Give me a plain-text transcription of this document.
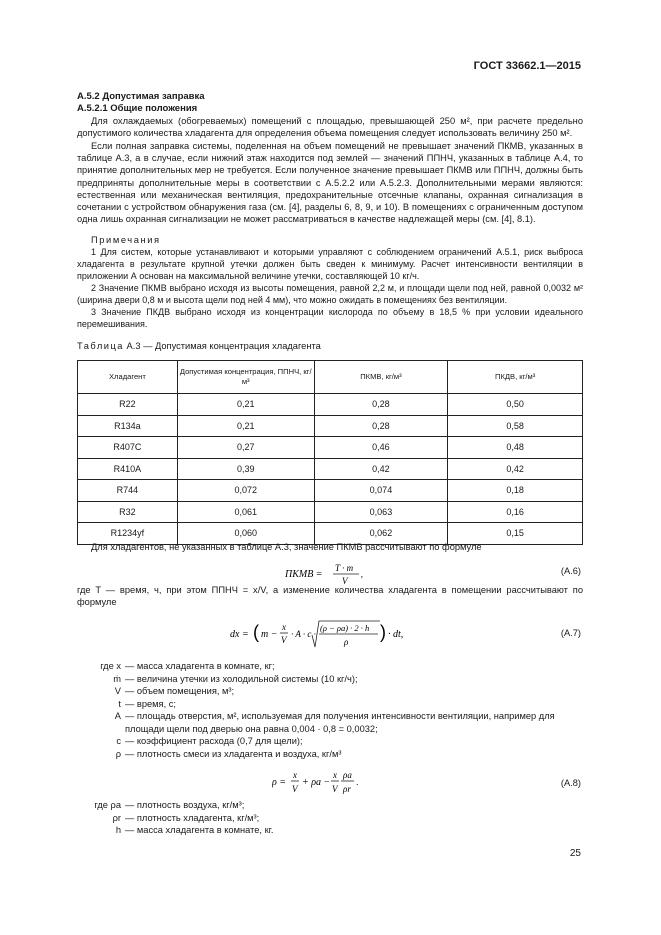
ГОСТ 33662.1—2015
А.5.2 Допустимая заправка
А.5.2.1 Общие положения
Для охлаждаемых (обогреваемых) помещений с площадью, превышающей 250 м², при расчете предельно допустимого количества хладагента для определения объема помещения следует использовать величину 250 м².
Если полная заправка системы, поделенная на объем помещений не превышает значений ПКМВ, указанных в таблице А.3, а в случае, если нижний этаж находится под землей — значений ППНЧ, указанных в таблице А.4, то принятие дополнительных мер не требуется. Если полученное значение превышает ПКМВ или ППНЧ, должны быть предприняты дополнительные меры в соответствии с А.5.2.2 или А.5.2.3. Дополнительными мерами являются: естественная или механическая вентиляция, предохранительные отсечные клапаны, охранная сигнализация в сочетании с устройством обнаружения газа (см. [4], разделы 6, 8, 9, и 10). В помещениях с ограниченным доступом одна лишь охранная сигнализации не может рассматриваться в качестве надлежащей меры (см. [4], 8.1).
Примечания
1 Для систем, которые устанавливают и которыми управляют с соблюдением ограничений А.5.1, риск выброса хладагента в результате крупной утечки должен быть сведен к минимуму. Расчет интенсивности вентиляции в приложении А основан на максимальной величине утечки, составляющей 10 кг/ч.
2 Значение ПКМВ выбрано исходя из высоты помещения, равной 2,2 м, и площади щели под ней, равной 0,0032 м² (ширина двери 0,8 м и высота щели под ней 4 мм), что можно ожидать в помещениях без вентиляции.
3 Значение ПКДВ выбрано исходя из концентрации кислорода по объему в 18,5 % при условии идеального перемешивания.
Таблица А.3 — Допустимая концентрация хладагента
Хладагент	Допустимая концентрация, ППНЧ, кг/м³	ПКМВ, кг/м³	ПКДВ, кг/м³
R22	0,21	0,28	0,50
R134a	0,21	0,28	0,58
R407C	0,27	0,46	0,48
R410A	0,39	0,42	0,42
R744	0,072	0,074	0,18
R32	0,061	0,063	0,16
R1234yf	0,060	0,062	0,15
Для хладагентов, не указанных в таблице А.3, значение ПКМВ рассчитывают по формуле
ПКМВ =
T · m
V
,	(А.6)
где T — время, ч, при этом ППНЧ = x/V, а изменение количества хладагента в помещении рассчитывают по формуле
dx = ( m −
x
V
· A · c ·
(ρ − ρa) · 2 · h
ρ ) · dt,	(А.7)
где x — масса хладагента в комнате, кг;
ṁ — величина утечки из холодильной системы (10 кг/ч);
V — объем помещения, м³;
t — время, с;
A — площадь отверстия, м², используемая для получения интенсивности вентиляции, например для площади щели под дверью она равна 0,004 · 0,8 = 0,0032;
c — коэффициент расхода (0,7 для щели);
ρ — плотность смеси из хладагента и воздуха, кг/м³
ρ =
x
V
+ ρa −
x
V
ρa
ρr
.	(А.8)
где ρa — плотность воздуха, кг/м³;
ρr — плотность хладагента, кг/м³;
h — масса хладагента в комнате, кг.
25
